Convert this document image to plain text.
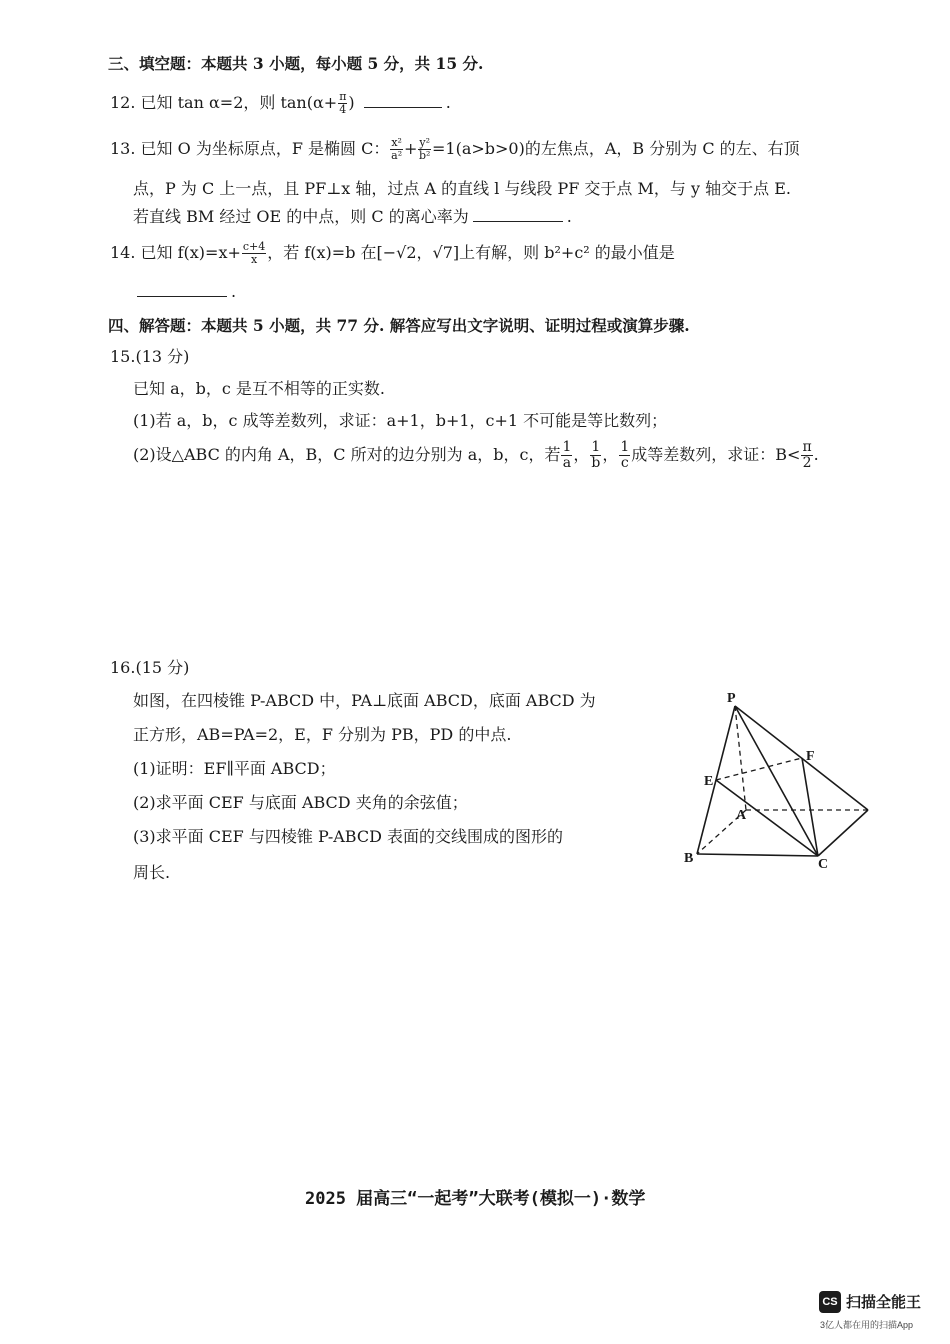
三、填空题：本题共 3 小题，每小题 5 分，共 15 分.
12. 已知 tan α=2，则 $\tan(\alpha+ \frac{\pi}{4}$ )	.
13. 已知 O 为坐标原点，F 是椭圆 C： $\frac{\text{x²}}{\text{a²}} + \frac{\text{y²}}{\text{b²}} =1(a>b>0)$的左焦点，A，B 分别为 C 的左、右顶
点，P 为 C 上一点，且 PF⊥x 轴，过点 A 的直线 l 与线段 PF 交于点 M，与 y 轴交于点 E.
若直线 BM 经过 OE 的中点，则 C 的离心率为	.
14. 已知 $f(x)=x+ \frac{c+4}{x}$ ，若 f(x)=b 在[−√2，√7]上有解，则 b²+c² 的最小值是
.
四、解答题：本题共 5 小题，共 77 分. 解答应写出文字说明、证明过程或演算步骤.
15.(13 分)
已知 a，b，c 是互不相等的正实数.
(1)若 a，b，c 成等差数列，求证：a+1，b+1，c+1 不可能是等比数列；
(2)设△ABC 的内角 A，B，C 所对的边分别为 a，b，c，若 $\frac{1}{a}$ ， $\frac{1}{b}$ ， $\frac{1}{c}$ 成等差数列，求证：$B< \frac{\pi}{2}$ .
16.(15 分)
如图，在四棱锥 P-ABCD 中，PA⊥底面 ABCD，底面 ABCD 为
正方形，AB=PA=2，E，F 分别为 PB，PD 的中点.
(1)证明：EF∥平面 ABCD；
(2)求平面 CEF 与底面 ABCD 夹角的余弦值；
(3)求平面 CEF 与四棱锥 P-ABCD 表面的交线围成的图形的
周长.
P
E
F
A
B	C
2025 届高三“一起考”大联考(模拟一)·数学
CS 扫描全能王
3亿人都在用的扫描App
